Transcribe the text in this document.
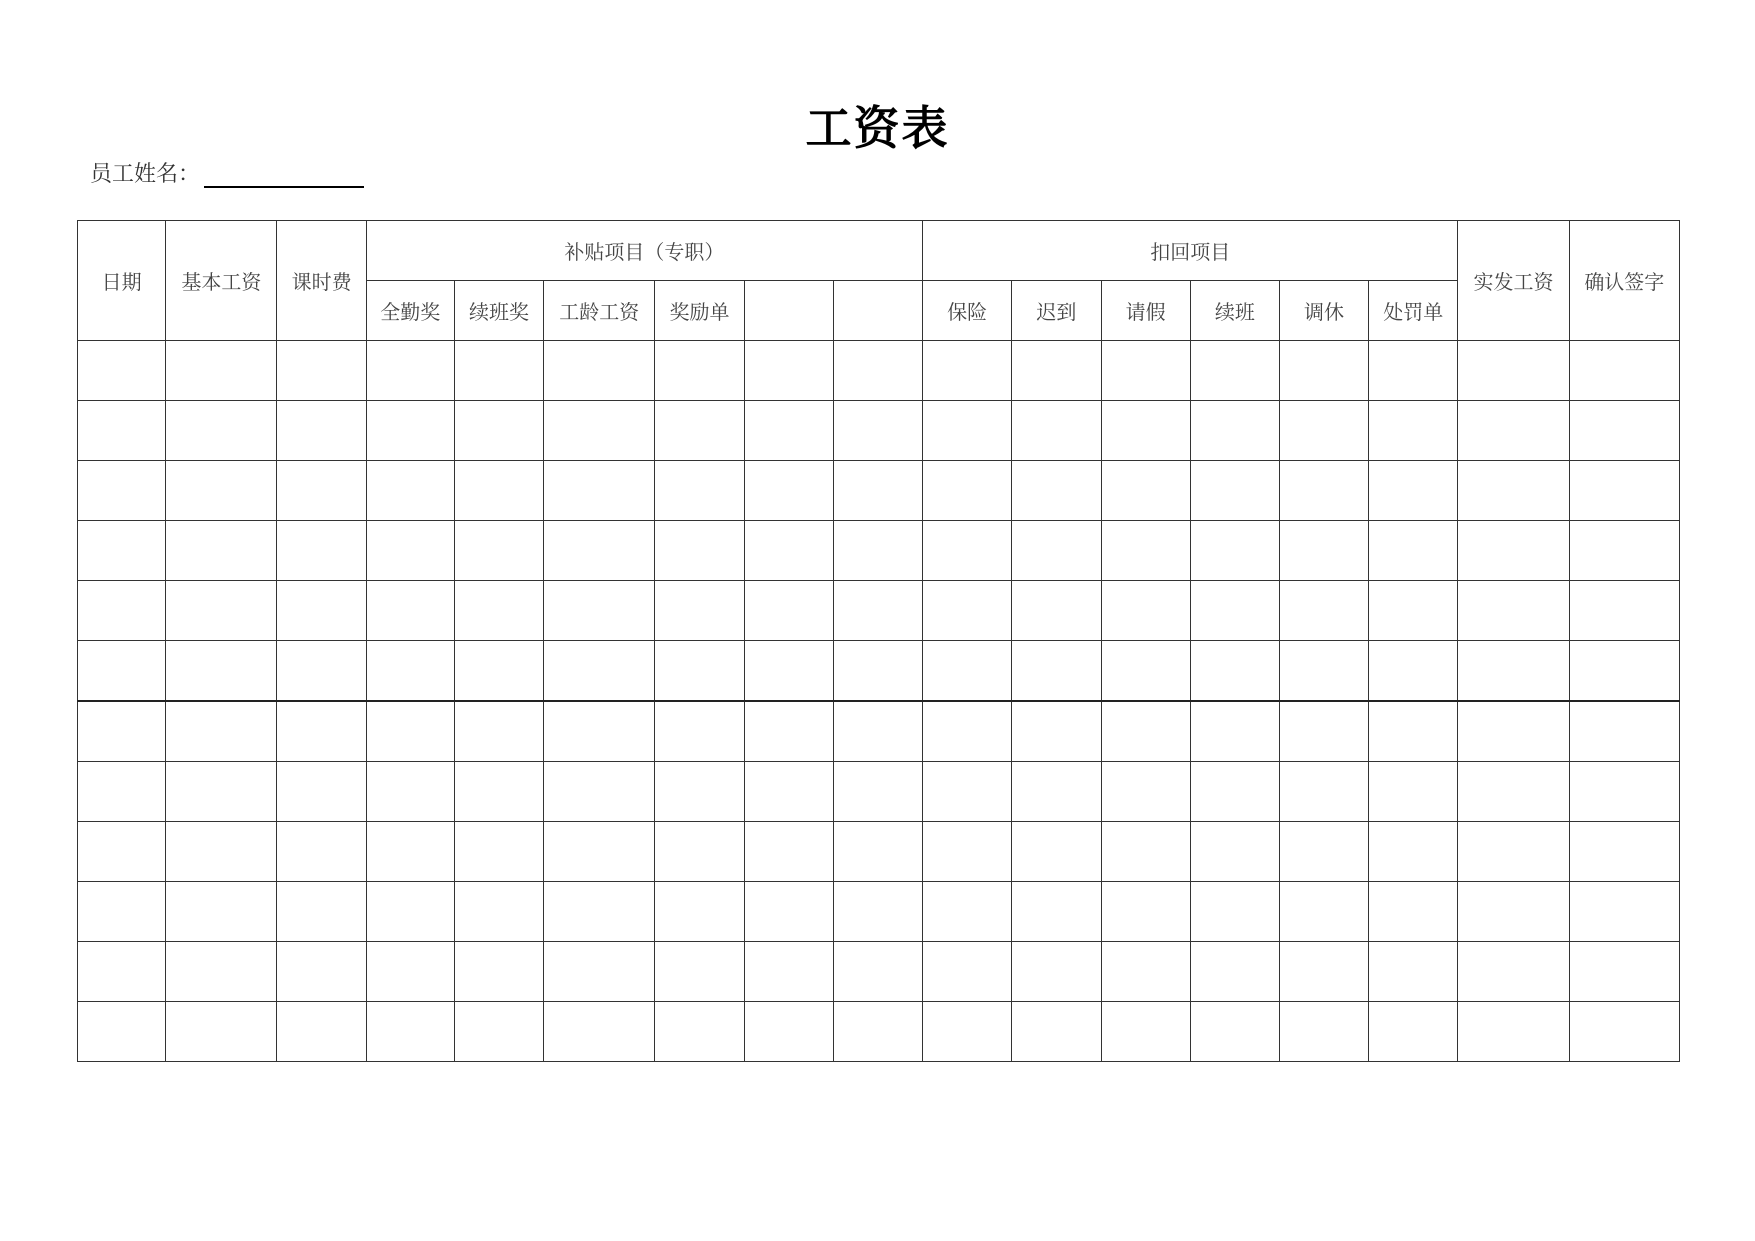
工资表
员工姓名：
日期	基本工资	课时费	补贴项目（专职）						扣回项目						实发工资	确认签字
			全勤奖	续班奖	工龄工资	奖励单			保险	迟到	请假	续班	调休	处罚单		
